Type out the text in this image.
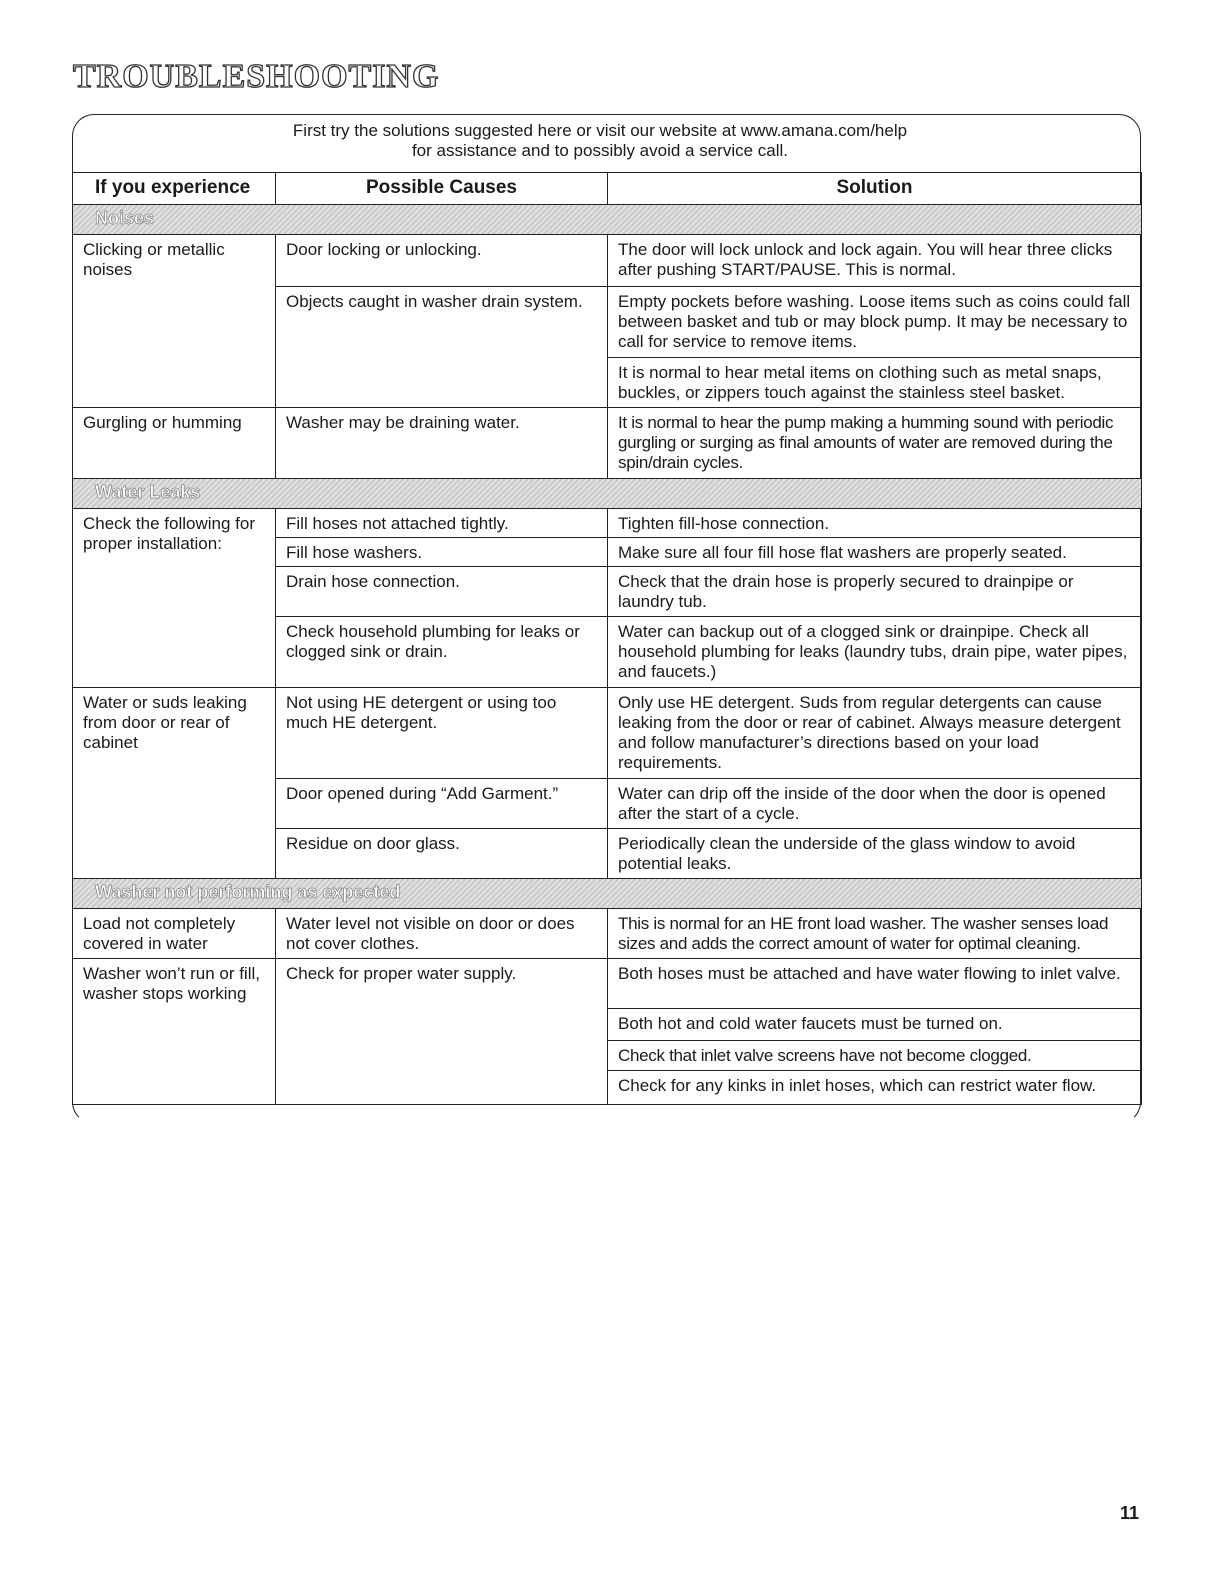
TROUBLESHOOTING
First try the solutions suggested here or visit our website at www.amana.com/help
for assistance and to possibly avoid a service call.
If you experience	Possible Causes	Solution
Noises		
Clicking or metallic noises	Door locking or unlocking.	The door will lock unlock and lock again. You will hear three clicks after pushing START/PAUSE. This is normal.
	Objects caught in washer drain system.	Empty pockets before washing. Loose items such as coins could fall between basket and tub or may block pump. It may be necessary to call for service to remove items.
		It is normal to hear metal items on clothing such as metal snaps, buckles, or zippers touch against the stainless steel basket.
Gurgling or humming	Washer may be draining water.	It is normal to hear the pump making a humming sound with periodic gurgling or surging as final amounts of water are removed during the spin/drain cycles.
Water Leaks		
Check the following for proper installation:	Fill hoses not attached tightly.	Tighten fill-hose connection.
	Fill hose washers.	Make sure all four fill hose flat washers are properly seated.
	Drain hose connection.	Check that the drain hose is properly secured to drainpipe or laundry tub.
	Check household plumbing for leaks or clogged sink or drain.	Water can backup out of a clogged sink or drainpipe. Check all household plumbing for leaks (laundry tubs, drain pipe, water pipes, and faucets.)
Water or suds leaking from door or rear of cabinet	Not using HE detergent or using too much HE detergent.	Only use HE detergent. Suds from regular detergents can cause leaking from the door or rear of cabinet. Always measure detergent and follow manufacturer’s directions based on your load requirements.
	Door opened during “Add Garment.”	Water can drip off the inside of the door when the door is opened after the start of a cycle.
	Residue on door glass.	Periodically clean the underside of the glass window to avoid potential leaks.
Washer not performing as expected		
Load not completely covered in water	Water level not visible on door or does not cover clothes.	This is normal for an HE front load washer. The washer senses load sizes and adds the correct amount of water for optimal cleaning.
Washer won’t run or fill, washer stops working	Check for proper water supply.	Both hoses must be attached and have water flowing to inlet valve.
		Both hot and cold water faucets must be turned on.
		Check that inlet valve screens have not become clogged.
		Check for any kinks in inlet hoses, which can restrict water flow.
11
